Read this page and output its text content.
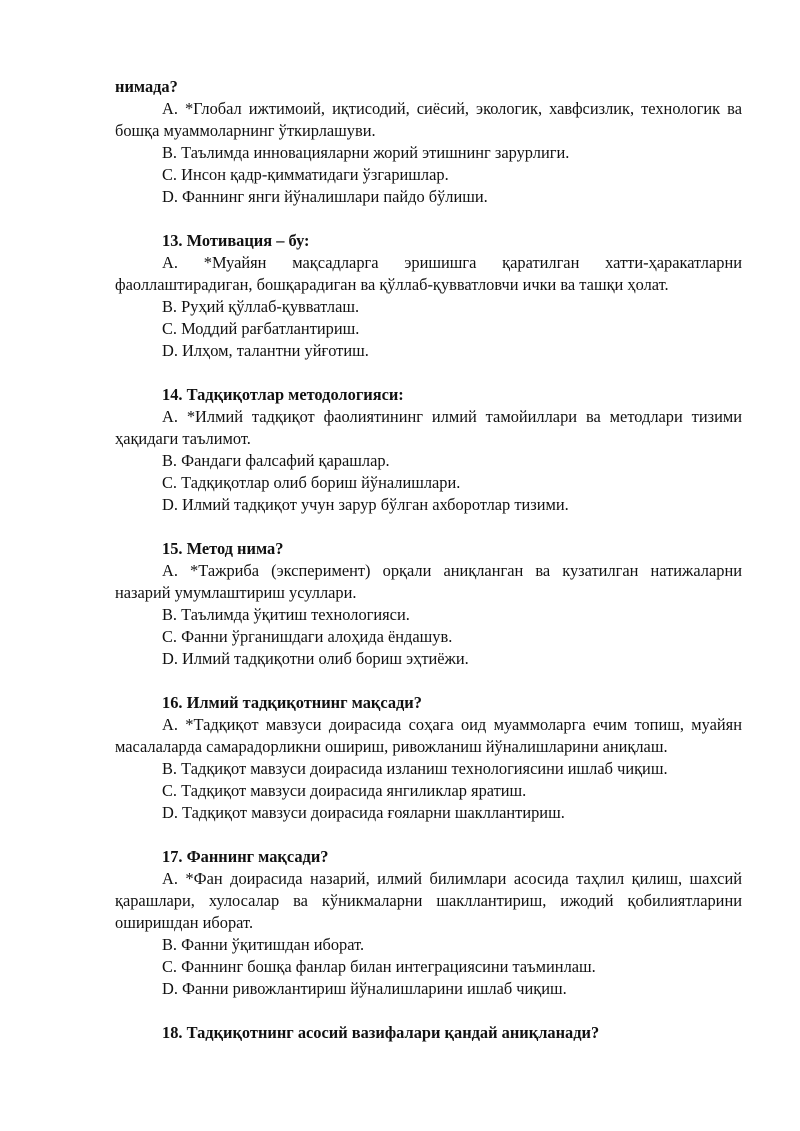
нимада?

A. *Глобал ижтимоий, иқтисодий, сиёсий, экологик, хавфсизлик, технологик ва бошқа муаммоларнинг ўткирлашуви.

B. Таълимда инновацияларни жорий этишнинг зарурлиги.

C. Инсон қадр-қимматидаги ўзгаришлар.

D. Фаннинг янги йўналишлари пайдо бўлиши.

13. Мотивация – бу:

A. *Муайян мақсадларга эришишга қаратилган хатти-ҳаракатларни фаоллаштирадиган, бошқарадиган ва қўллаб-қувватловчи ички ва ташқи ҳолат.

B. Руҳий қўллаб-қувватлаш.

C. Моддий рағбатлантириш.

D. Илҳом, талантни уйғотиш.

14. Тадқиқотлар методологияси:

A. *Илмий тадқиқот фаолиятининг илмий тамойиллари ва методлари тизими ҳақидаги таълимот.

B. Фандаги фалсафий қарашлар.

C. Тадқиқотлар олиб бориш йўналишлари.

D. Илмий тадқиқот учун зарур бўлган ахборотлар тизими.

15. Метод нима?

A. *Тажриба (эксперимент) орқали аниқланган ва кузатилган натижаларни назарий умумлаштириш усуллари.

B. Таълимда ўқитиш технологияси.

C. Фанни ўрганишдаги алоҳида ёндашув.

D. Илмий тадқиқотни олиб бориш эҳтиёжи.

16. Илмий тадқиқотнинг мақсади?

A. *Тадқиқот мавзуси доирасида соҳага оид муаммоларга ечим топиш, муайян масалаларда самарадорликни ошириш, ривожланиш йўналишларини аниқлаш.

B. Тадқиқот мавзуси доирасида изланиш технологиясини ишлаб чиқиш.

C. Тадқиқот мавзуси доирасида янгиликлар яратиш.

D. Тадқиқот мавзуси доирасида ғояларни шакллантириш.

17. Фаннинг мақсади?

A. *Фан доирасида назарий, илмий билимлари асосида таҳлил қилиш, шахсий қарашлари, хулосалар ва кўникмаларни шакллантириш, ижодий қобилиятларини оширишдан иборат.

B. Фанни ўқитишдан иборат.

C. Фаннинг бошқа фанлар билан интеграциясини таъминлаш.

D. Фанни ривожлантириш йўналишларини ишлаб чиқиш.

18. Тадқиқотнинг асосий вазифалари қандай аниқланади?
